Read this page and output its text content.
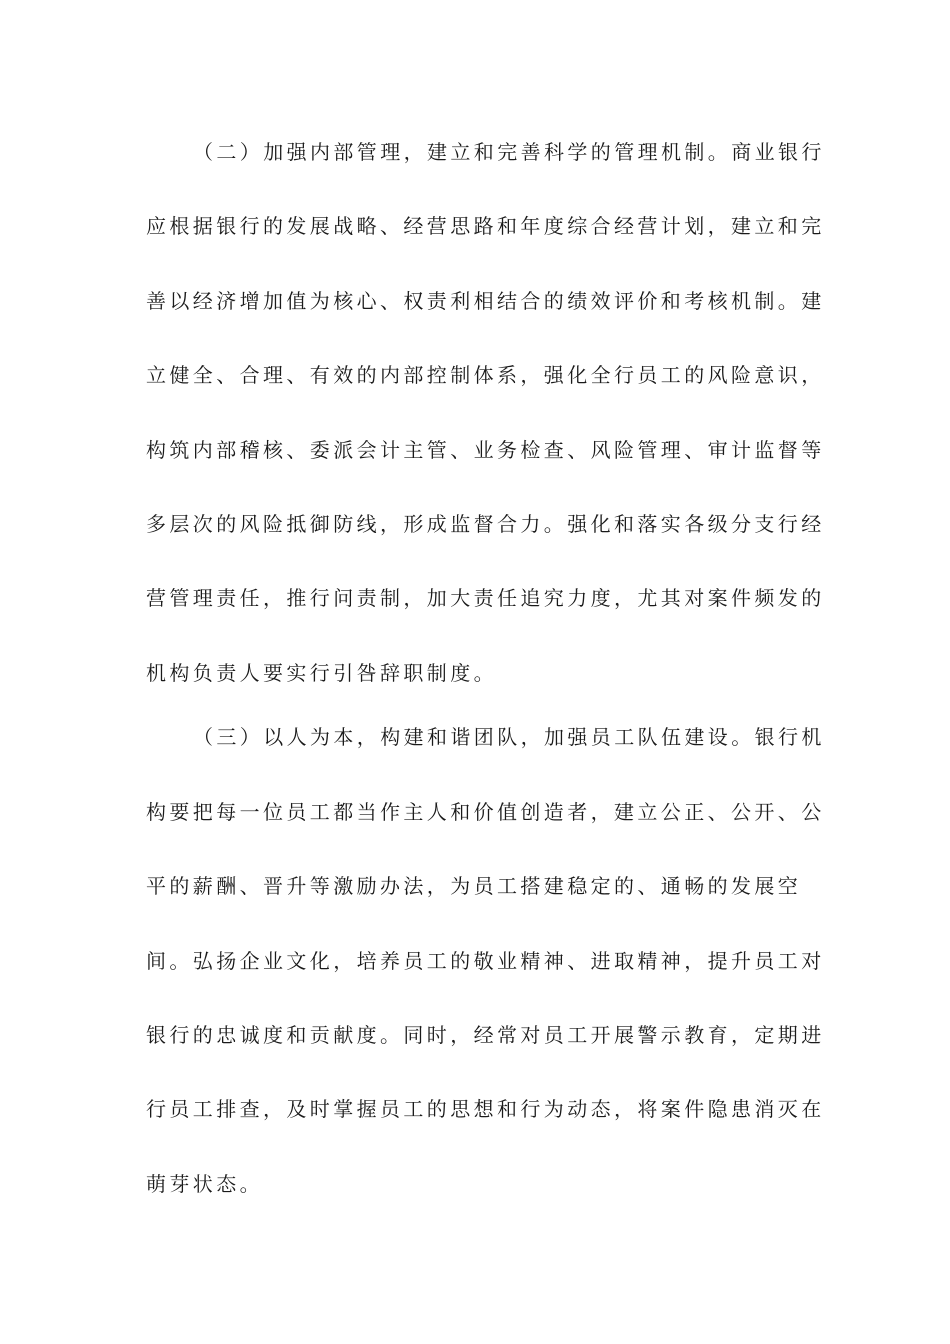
（二）加强内部管理，建立和完善科学的管理机制。商业银行
应根据银行的发展战略、经营思路和年度综合经营计划，建立和完
善以经济增加值为核心、权责利相结合的绩效评价和考核机制。建
立健全、合理、有效的内部控制体系，强化全行员工的风险意识，
构筑内部稽核、委派会计主管、业务检查、风险管理、审计监督等
多层次的风险抵御防线，形成监督合力。强化和落实各级分支行经
营管理责任，推行问责制，加大责任追究力度，尤其对案件频发的
机构负责人要实行引咎辞职制度。
（三）以人为本，构建和谐团队，加强员工队伍建设。银行机
构要把每一位员工都当作主人和价值创造者，建立公正、公开、公
平的薪酬、晋升等激励办法，为员工搭建稳定的、通畅的发展空
间。弘扬企业文化，培养员工的敬业精神、进取精神，提升员工对
银行的忠诚度和贡献度。同时，经常对员工开展警示教育，定期进
行员工排查，及时掌握员工的思想和行为动态，将案件隐患消灭在
萌芽状态。
